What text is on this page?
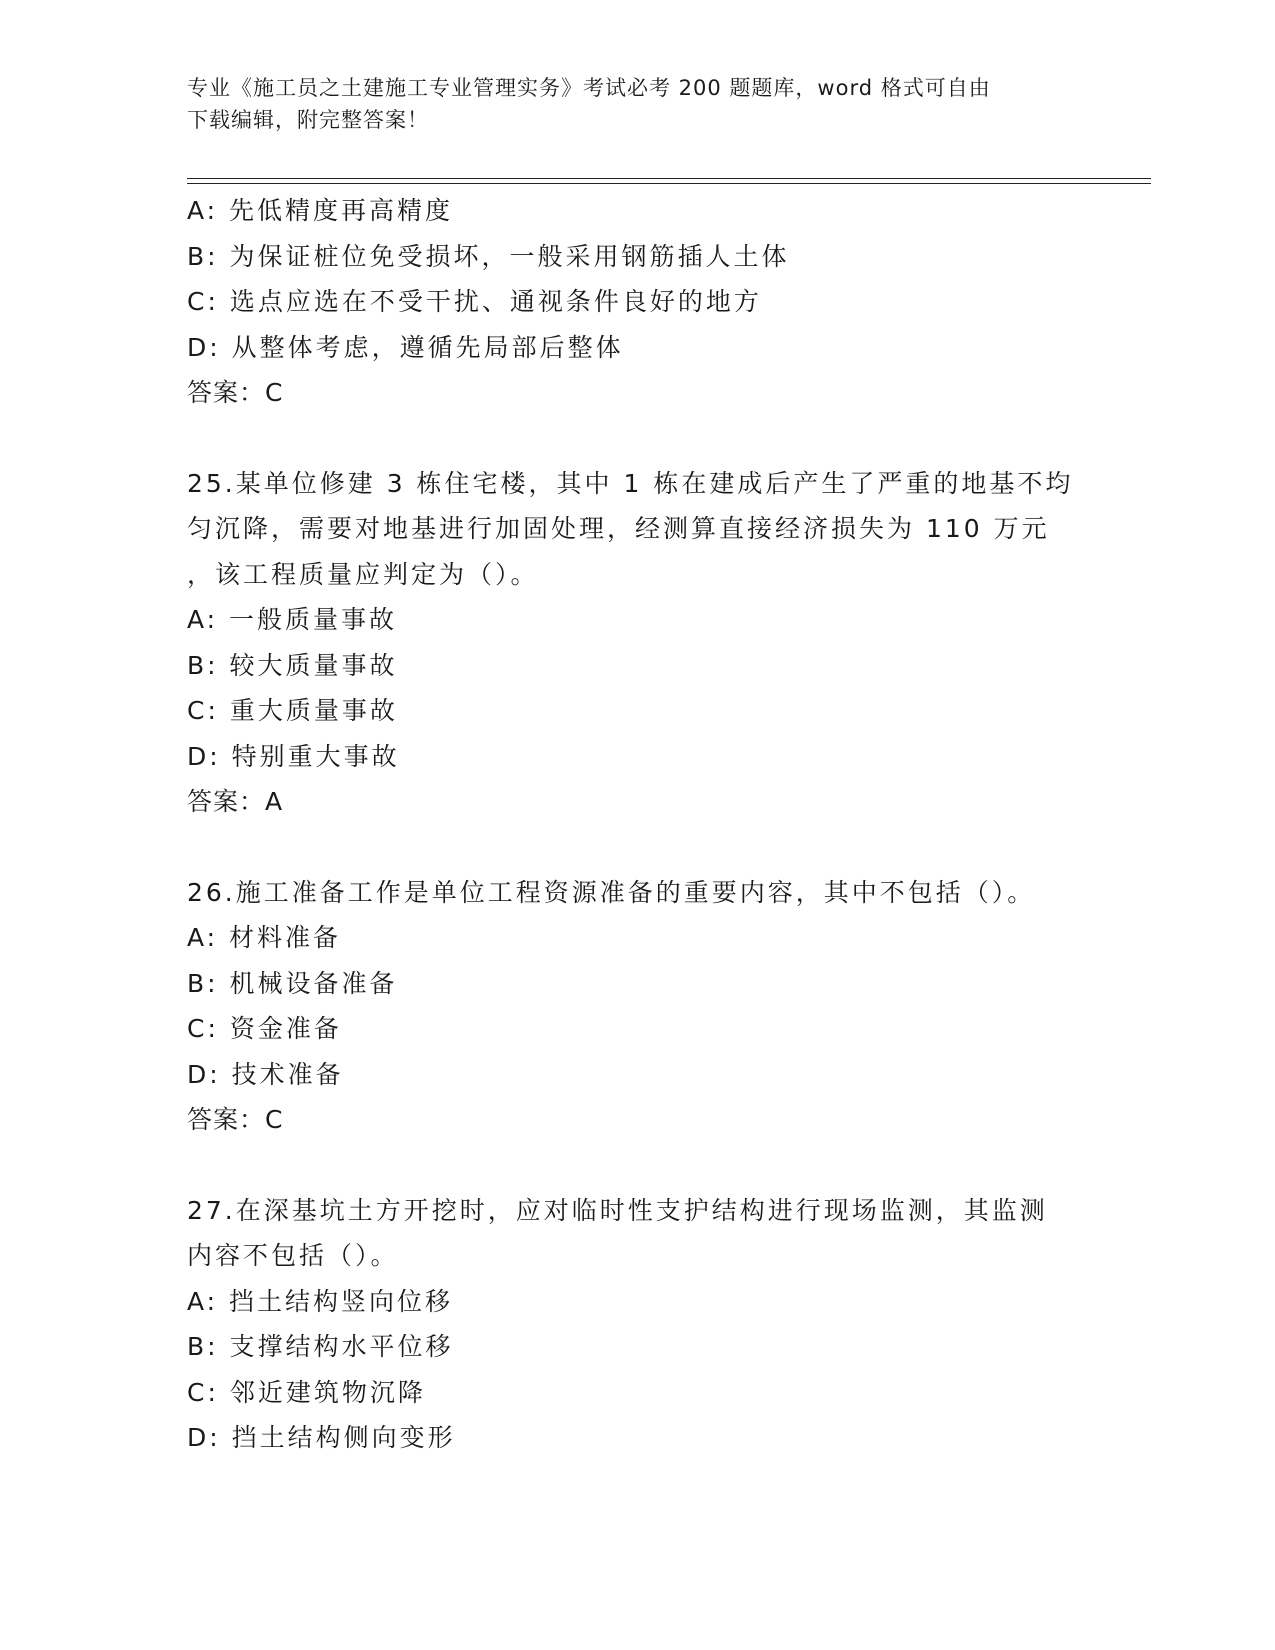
专业《施工员之土建施工专业管理实务》考试必考 200 题题库，word 格式可自由
下载编辑，附完整答案！
A: 先低精度再高精度
B: 为保证桩位免受损坏，一般采用钢筋插人土体
C: 选点应选在不受干扰、通视条件良好的地方
D: 从整体考虑，遵循先局部后整体
答案：C
25.某单位修建 3 栋住宅楼，其中 1 栋在建成后产生了严重的地基不均
匀沉降，需要对地基进行加固处理，经测算直接经济损失为 110 万元
，该工程质量应判定为（）。
A: 一般质量事故
B: 较大质量事故
C: 重大质量事故
D: 特别重大事故
答案：A
26.施工准备工作是单位工程资源准备的重要内容，其中不包括（）。
A: 材料准备
B: 机械设备准备
C: 资金准备
D: 技术准备
答案：C
27.在深基坑土方开挖时，应对临时性支护结构进行现场监测，其监测
内容不包括（）。
A: 挡土结构竖向位移
B: 支撑结构水平位移
C: 邻近建筑物沉降
D: 挡土结构侧向变形
